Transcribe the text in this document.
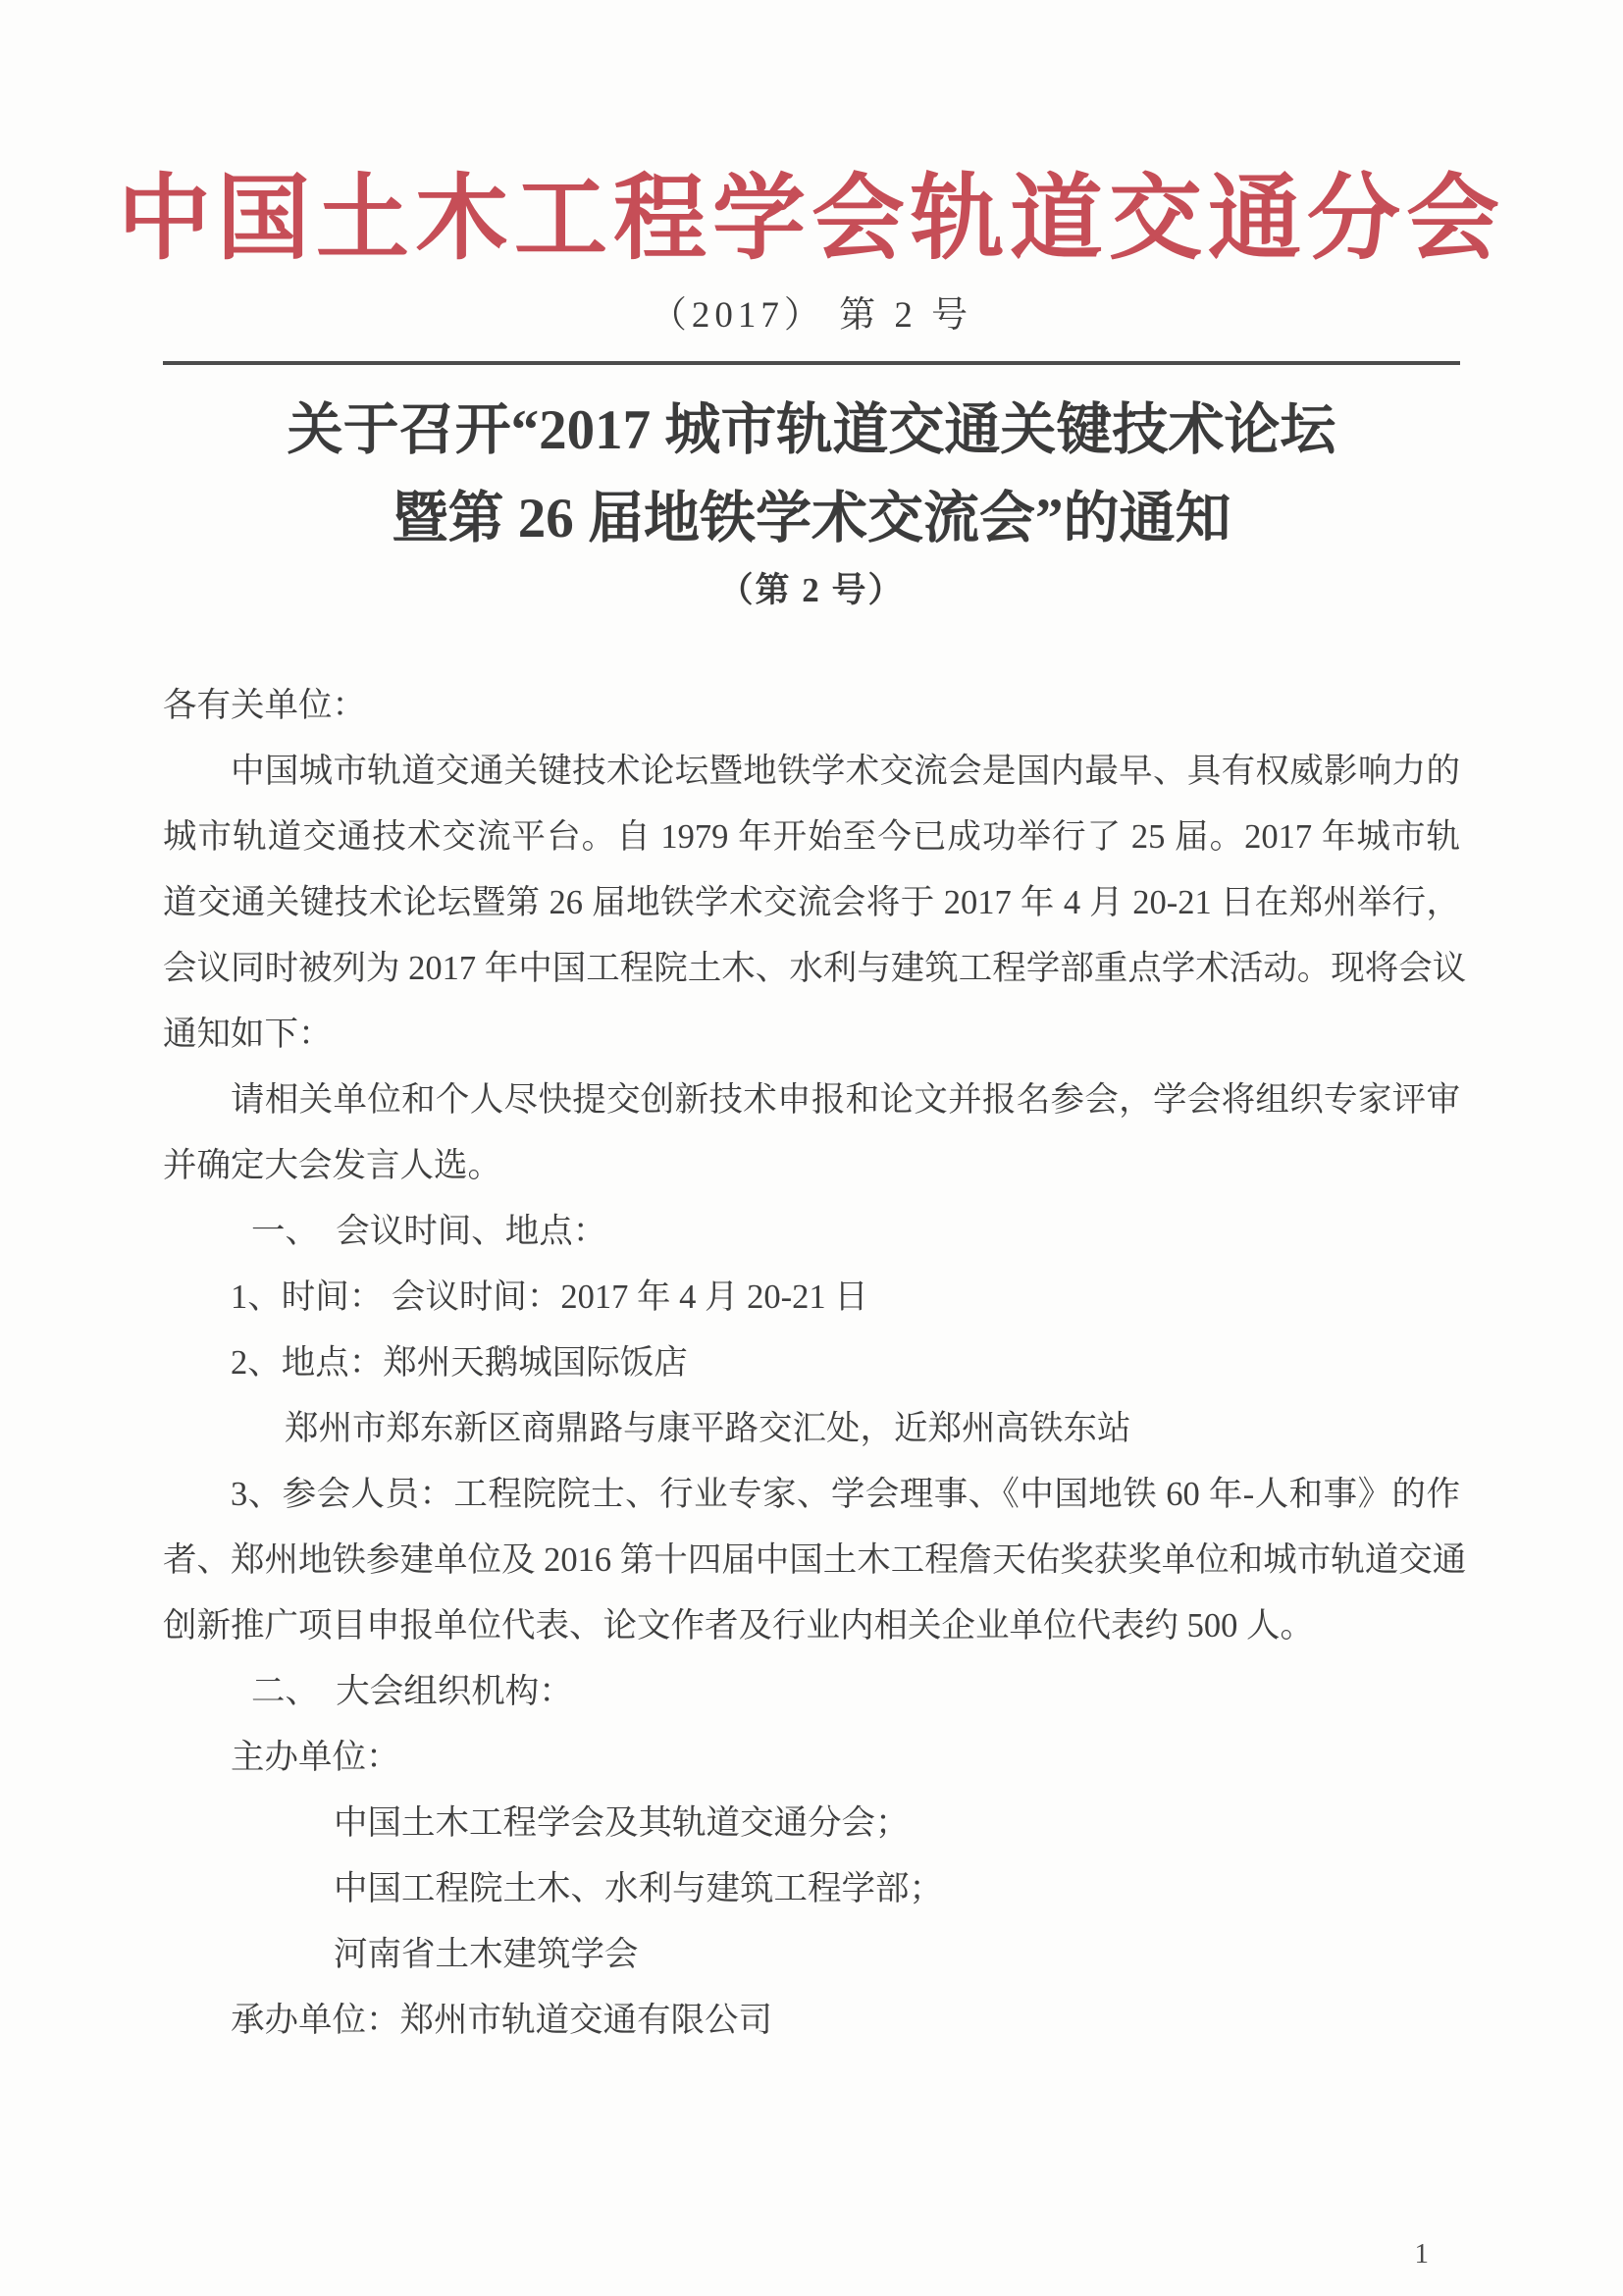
中国土木工程学会轨道交通分会
（2017） 第 2 号
关于召开“2017 城市轨道交通关键技术论坛
暨第 26 届地铁学术交流会”的通知
（第 2 号）
各有关单位：
中国城市轨道交通关键技术论坛暨地铁学术交流会是国内最早、具有权威影响力的
城市轨道交通技术交流平台。自 1979 年开始至今已成功举行了 25 届。2017 年城市轨
道交通关键技术论坛暨第 26 届地铁学术交流会将于 2017 年 4 月 20-21 日在郑州举行，
会议同时被列为 2017 年中国工程院土木、水利与建筑工程学部重点学术活动。现将会议
通知如下：
请相关单位和个人尽快提交创新技术申报和论文并报名参会，学会将组织专家评审
并确定大会发言人选。
一、　会议时间、地点：
1、时间： 会议时间：2017 年 4 月 20-21 日
2、地点：郑州天鹅城国际饭店
郑州市郑东新区商鼎路与康平路交汇处，近郑州高铁东站
3、参会人员：工程院院士、行业专家、学会理事、《中国地铁 60 年-人和事》的作
者、郑州地铁参建单位及 2016 第十四届中国土木工程詹天佑奖获奖单位和城市轨道交通
创新推广项目申报单位代表、论文作者及行业内相关企业单位代表约 500 人。
二、　大会组织机构：
主办单位：
中国土木工程学会及其轨道交通分会；
中国工程院土木、水利与建筑工程学部；
河南省土木建筑学会
承办单位：郑州市轨道交通有限公司
1
